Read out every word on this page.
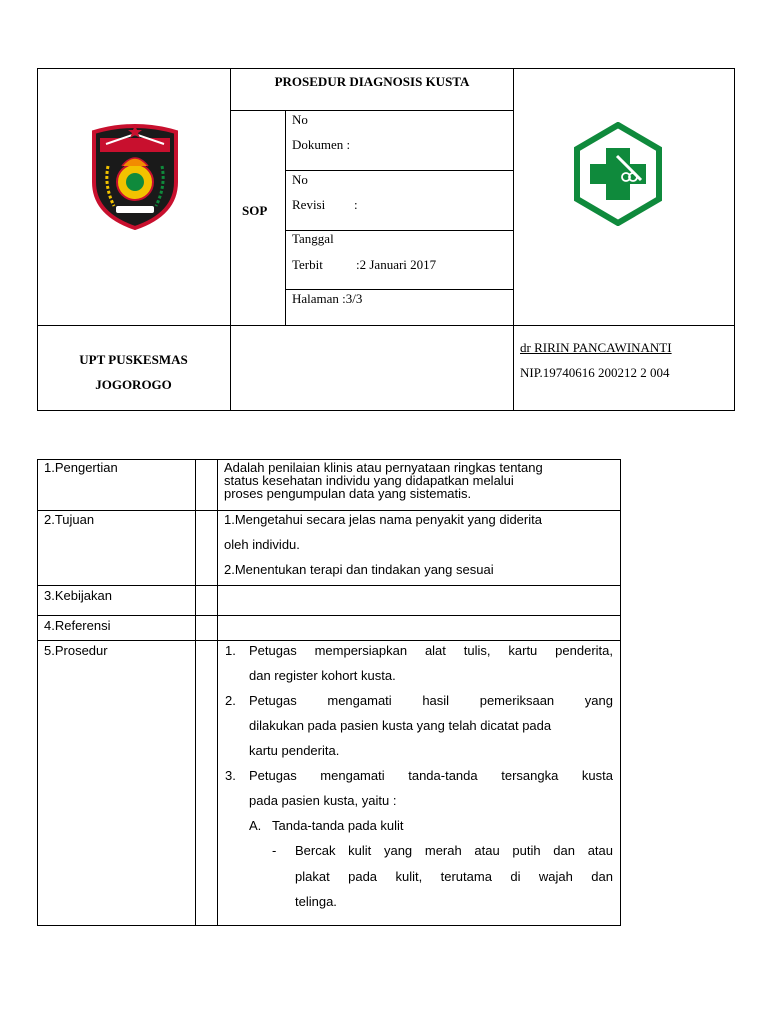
PROSEDUR DIAGNOSIS KUSTA
SOP
No
Dokumen :
No
Revisi :
Tanggal
Terbit	:2 Januari 2017
Halaman :3/3
UPT PUSKESMAS
JOGOROGO
dr RIRIN PANCAWINANTI
NIP.19740616 200212 2 004
1.Pengertian	Adalah penilaian klinis atau pernyataan ringkas tentang
status kesehatan individu yang didapatkan melalui
proses pengumpulan data yang sistematis.
2.Tujuan	1.Mengetahui secara jelas nama penyakit yang diderita
oleh individu.
2.Menentukan terapi dan tindakan yang sesuai
3.Kebijakan
4.Referensi
5.Prosedur	1. Petugas mempersiapkan alat tulis, kartu penderita,
dan register kohort kusta.
2. Petugas mengamati hasil pemeriksaan yang
dilakukan pada pasien kusta yang telah dicatat pada
kartu penderita.
3. Petugas mengamati tanda-tanda tersangka kusta
pada pasien kusta, yaitu :
A. Tanda-tanda pada kulit
- Bercak kulit yang merah atau putih dan atau
plakat pada kulit, terutama di wajah dan
telinga.
